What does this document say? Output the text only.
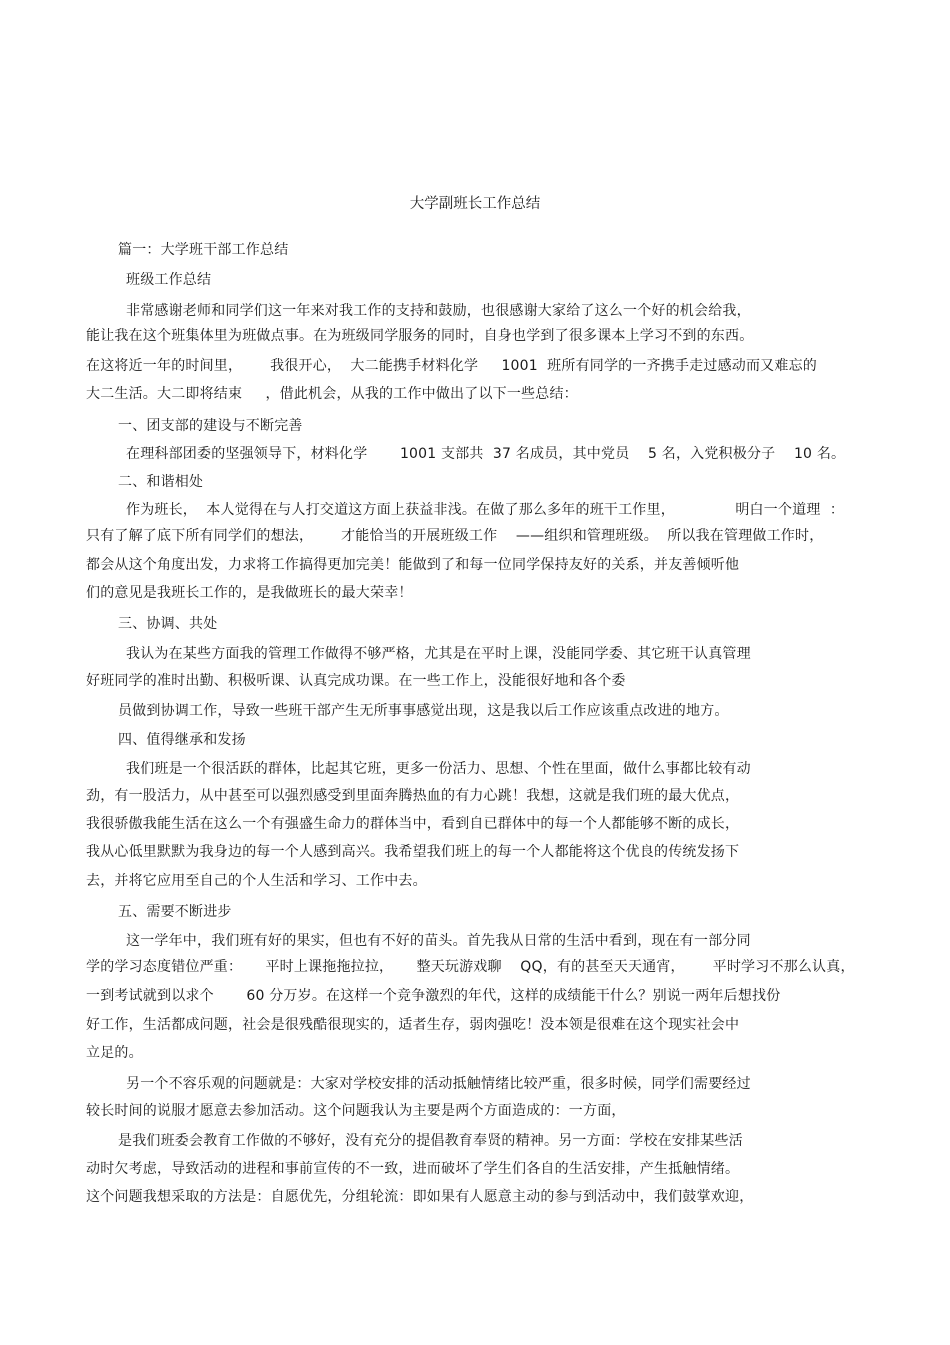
大学副班长工作总结
篇一：大学班干部工作总结
班级工作总结
非常感谢老师和同学们这一年来对我工作的支持和鼓励，也很感谢大家给了这么一个好的机会给我，
能让我在这个班集体里为班做点事。在为班级同学服务的同时，自身也学到了很多课本上学习不到的东西。
在这将近一年的时间里，      我很开心，  大二能携手材料化学     1001  班所有同学的一齐携手走过感动而又难忘的
大二生活。大二即将结束     ，借此机会，从我的工作中做出了以下一些总结：
一、团支部的建设与不断完善
在理科部团委的坚强领导下，材料化学       1001 支部共  37 名成员，其中党员    5 名，入党积极分子    10 名。
二、和谐相处
作为班长，  本人觉得在与人打交道这方面上获益非浅。在做了那么多年的班干工作里，             明白一个道理  ：
只有了解了底下所有同学们的想法，      才能恰当的开展班级工作    ——组织和管理班级。  所以我在管理做工作时，
都会从这个角度出发，力求将工作搞得更加完美！能做到了和每一位同学保持友好的关系，并友善倾听他
们的意见是我班长工作的，是我做班长的最大荣幸！
三、协调、共处
我认为在某些方面我的管理工作做得不够严格，尤其是在平时上课，没能同学委、其它班干认真管理
好班同学的准时出勤、积极听课、认真完成功课。在一些工作上，没能很好地和各个委
员做到协调工作，导致一些班干部产生无所事事感觉出现，这是我以后工作应该重点改进的地方。
四、值得继承和发扬
我们班是一个很活跃的群体，比起其它班，更多一份活力、思想、个性在里面，做什么事都比较有动
劲，有一股活力，从中甚至可以强烈感受到里面奔腾热血的有力心跳！我想，这就是我们班的最大优点，
我很骄傲我能生活在这么一个有强盛生命力的群体当中，看到自已群体中的每一个人都能够不断的成长，
我从心低里默默为我身边的每一个人感到高兴。我希望我们班上的每一个人都能将这个优良的传统发扬下
去，并将它应用至自己的个人生活和学习、工作中去。
五、需要不断进步
这一学年中，我们班有好的果实，但也有不好的苗头。首先我从日常的生活中看到，现在有一部分同
学的学习态度错位严重：     平时上课拖拖拉拉，     整天玩游戏聊    QQ，有的甚至天天通宵，      平时学习不那么认真，
一到考试就到以求个       60 分万岁。在这样一个竞争激烈的年代，这样的成绩能干什么？别说一两年后想找份
好工作，生活都成问题，社会是很残酷很现实的，适者生存，弱肉强吃！没本领是很难在这个现实社会中
立足的。
另一个不容乐观的问题就是：大家对学校安排的活动抵触情绪比较严重，很多时候，同学们需要经过
较长时间的说服才愿意去参加活动。这个问题我认为主要是两个方面造成的：一方面，
是我们班委会教育工作做的不够好，没有充分的提倡教育奉贤的精神。另一方面：学校在安排某些活
动时欠考虑，导致活动的进程和事前宣传的不一致，进而破坏了学生们各自的生活安排，产生抵触情绪。
这个问题我想采取的方法是：自愿优先，分组轮流：即如果有人愿意主动的参与到活动中，我们鼓掌欢迎，
